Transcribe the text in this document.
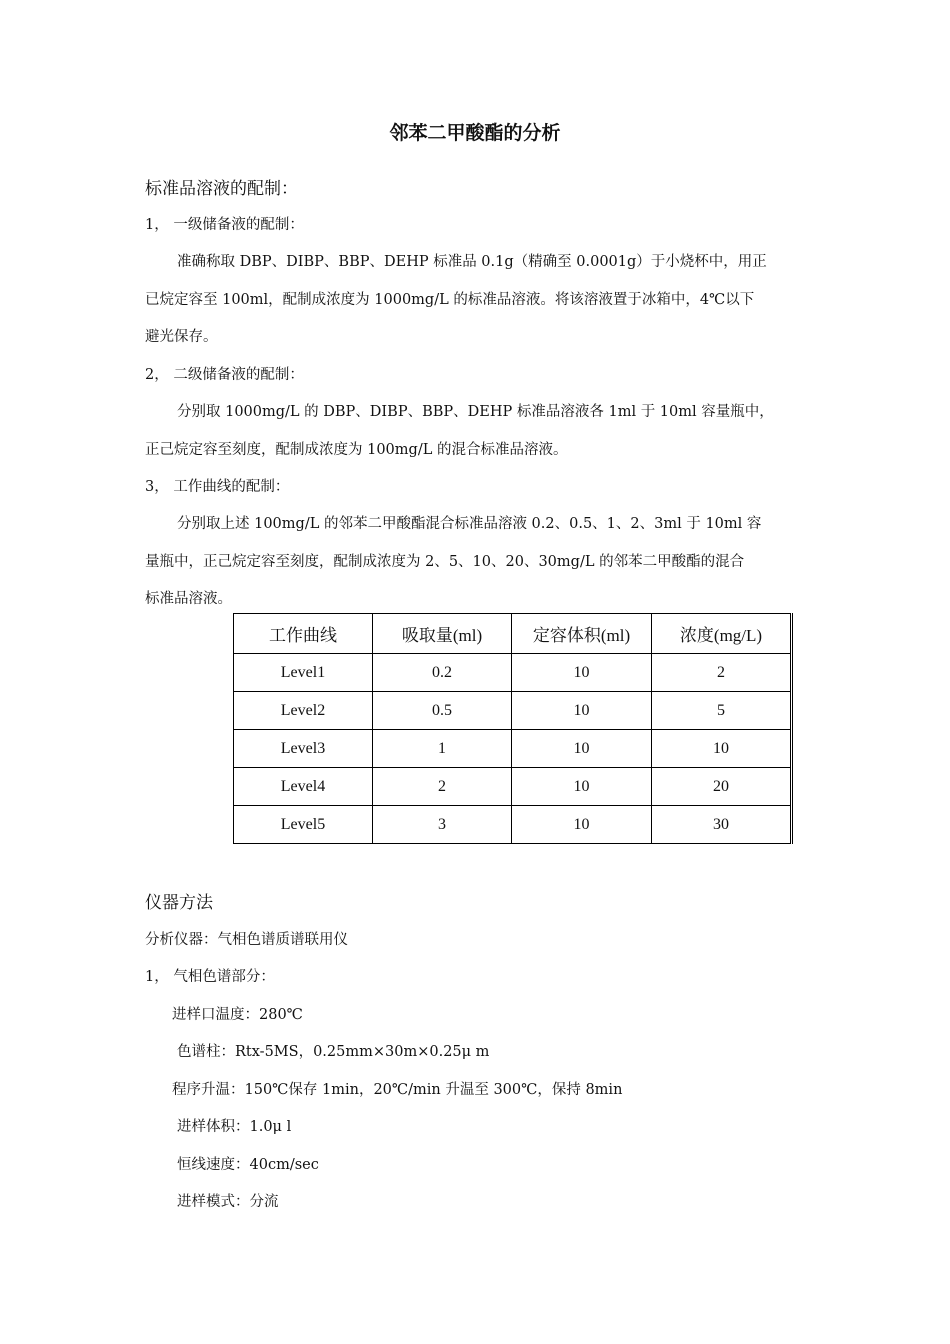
邻苯二甲酸酯的分析
标准品溶液的配制：
1， 一级储备液的配制：
准确称取 DBP、DIBP、BBP、DEHP 标准品 0.1g（精确至 0.0001g）于小烧杯中，用正
已烷定容至 100ml，配制成浓度为 1000mg/L 的标准品溶液。将该溶液置于冰箱中，4℃以下
避光保存。
2， 二级储备液的配制：
分别取 1000mg/L 的 DBP、DIBP、BBP、DEHP 标准品溶液各 1ml 于 10ml 容量瓶中，
正己烷定容至刻度，配制成浓度为 100mg/L 的混合标准品溶液。
3， 工作曲线的配制：
分别取上述 100mg/L 的邻苯二甲酸酯混合标准品溶液 0.2、0.5、1、2、3ml 于 10ml 容
量瓶中，正己烷定容至刻度，配制成浓度为 2、5、10、20、30mg/L 的邻苯二甲酸酯的混合
标准品溶液。
工作曲线	吸取量(ml)	定容体积(ml)	浓度(mg/L)
Level1	0.2	10	2
Level2	0.5	10	5
Level3	1	10	10
Level4	2	10	20
Level5	3	10	30
仪器方法
分析仪器：气相色谱质谱联用仪
1， 气相色谱部分：
进样口温度：280℃
色谱柱：Rtx-5MS，0.25mm×30m×0.25μ m
程序升温：150℃保存 1min，20℃/min 升温至 300℃，保持 8min
进样体积：1.0μ l
恒线速度：40cm/sec
进样模式：分流
